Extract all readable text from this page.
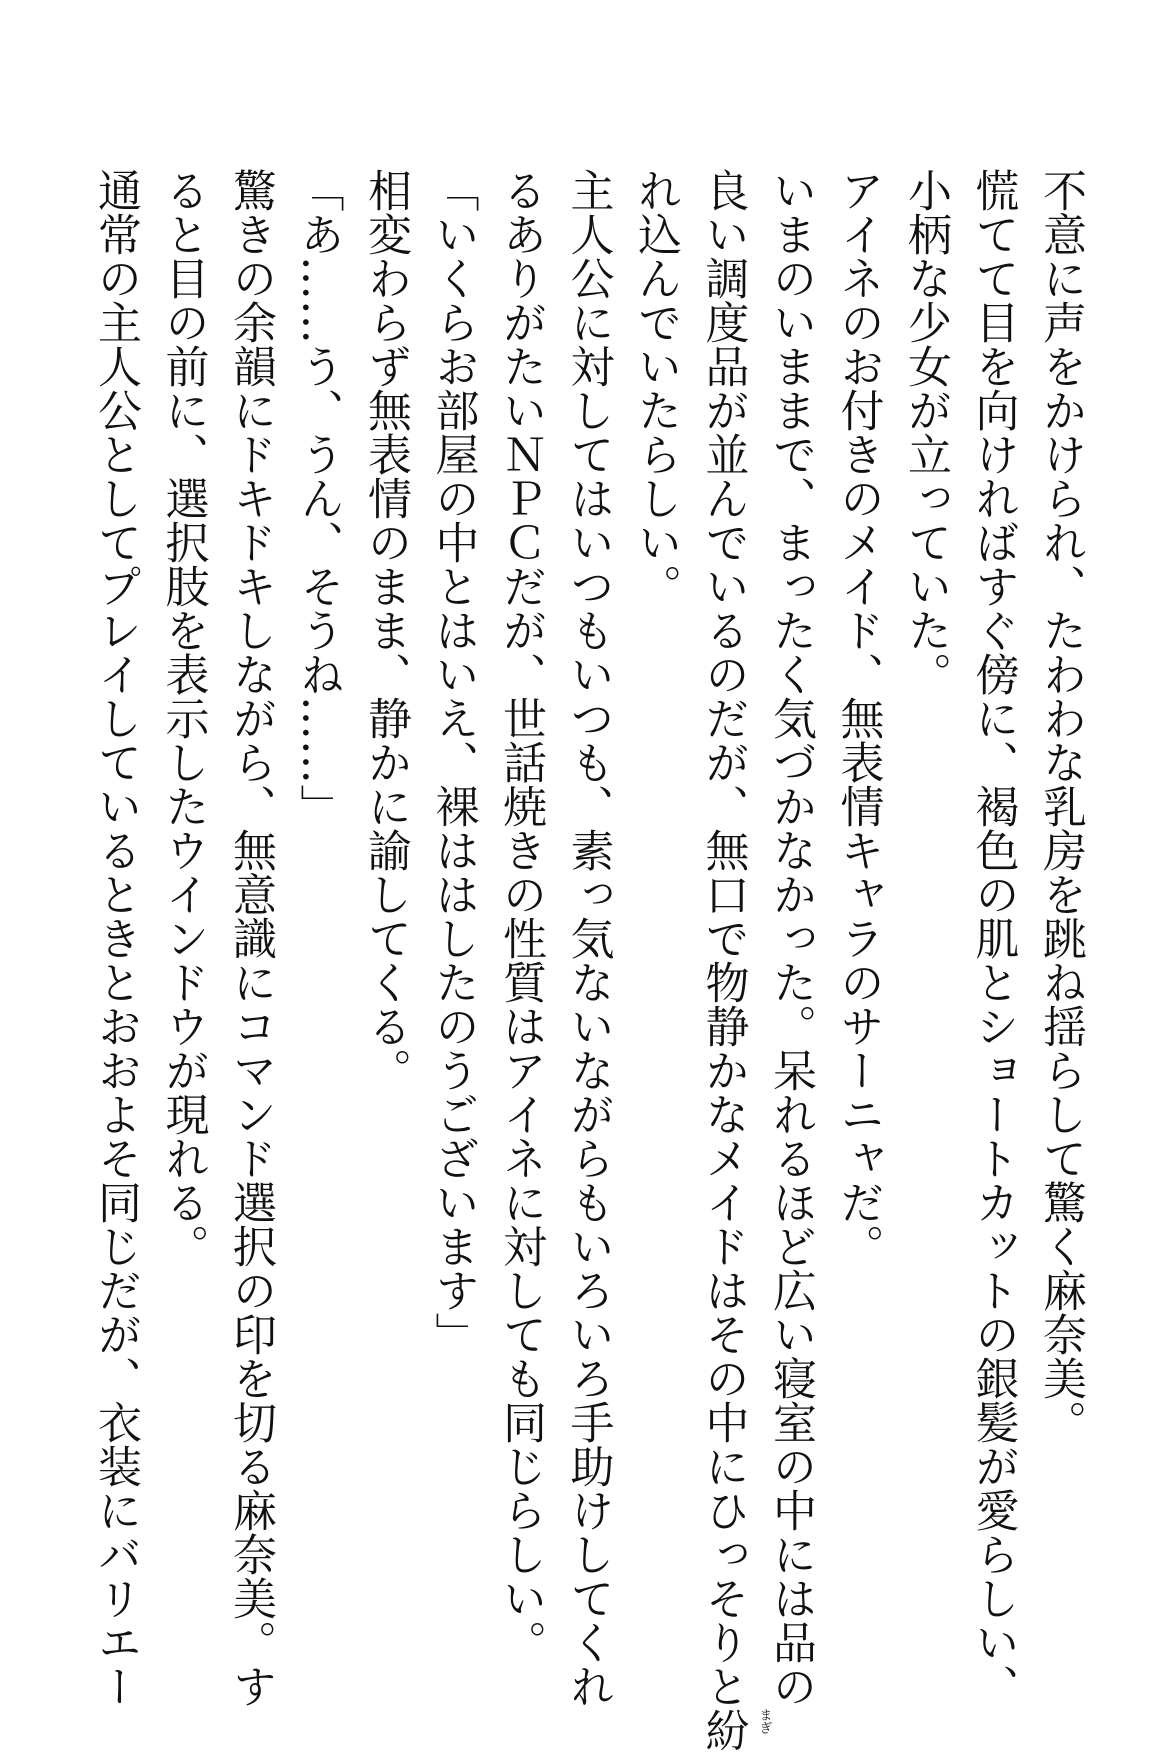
不意に声をかけられ、たわわな乳房を跳ね揺らして驚く麻奈美。
慌てて目を向ければすぐ傍に、褐色の肌とショートカットの銀髪が愛らしい、
小柄な少女が立っていた。
アイネのお付きのメイド、無表情キャラのサーニャだ。
いまのいままで、まったく気づかなかった。呆れるほど広い寝室の中には品の
良い調度品が並んでいるのだが、無口で物静かなメイドはその中にひっそりと紛 まぎ
れ込んでいたらしい。
主人公に対してはいつもいつも、素っ気ないながらもいろいろ手助けしてくれ
るありがたいＮＰＣだが、世話焼きの性質はアイネに対しても同じらしい。
「いくらお部屋の中とはいえ、裸ははしたのうございます」
相変わらず無表情のまま、静かに諭してくる。
「あ……う、うん、そうね……」
驚きの余韻にドキドキしながら、無意識にコマンド選択の印を切る麻奈美。す
ると目の前に、選択肢を表示したウインドウが現れる。
通常の主人公としてプレイしているときとおおよそ同じだが、衣装にバリエー
